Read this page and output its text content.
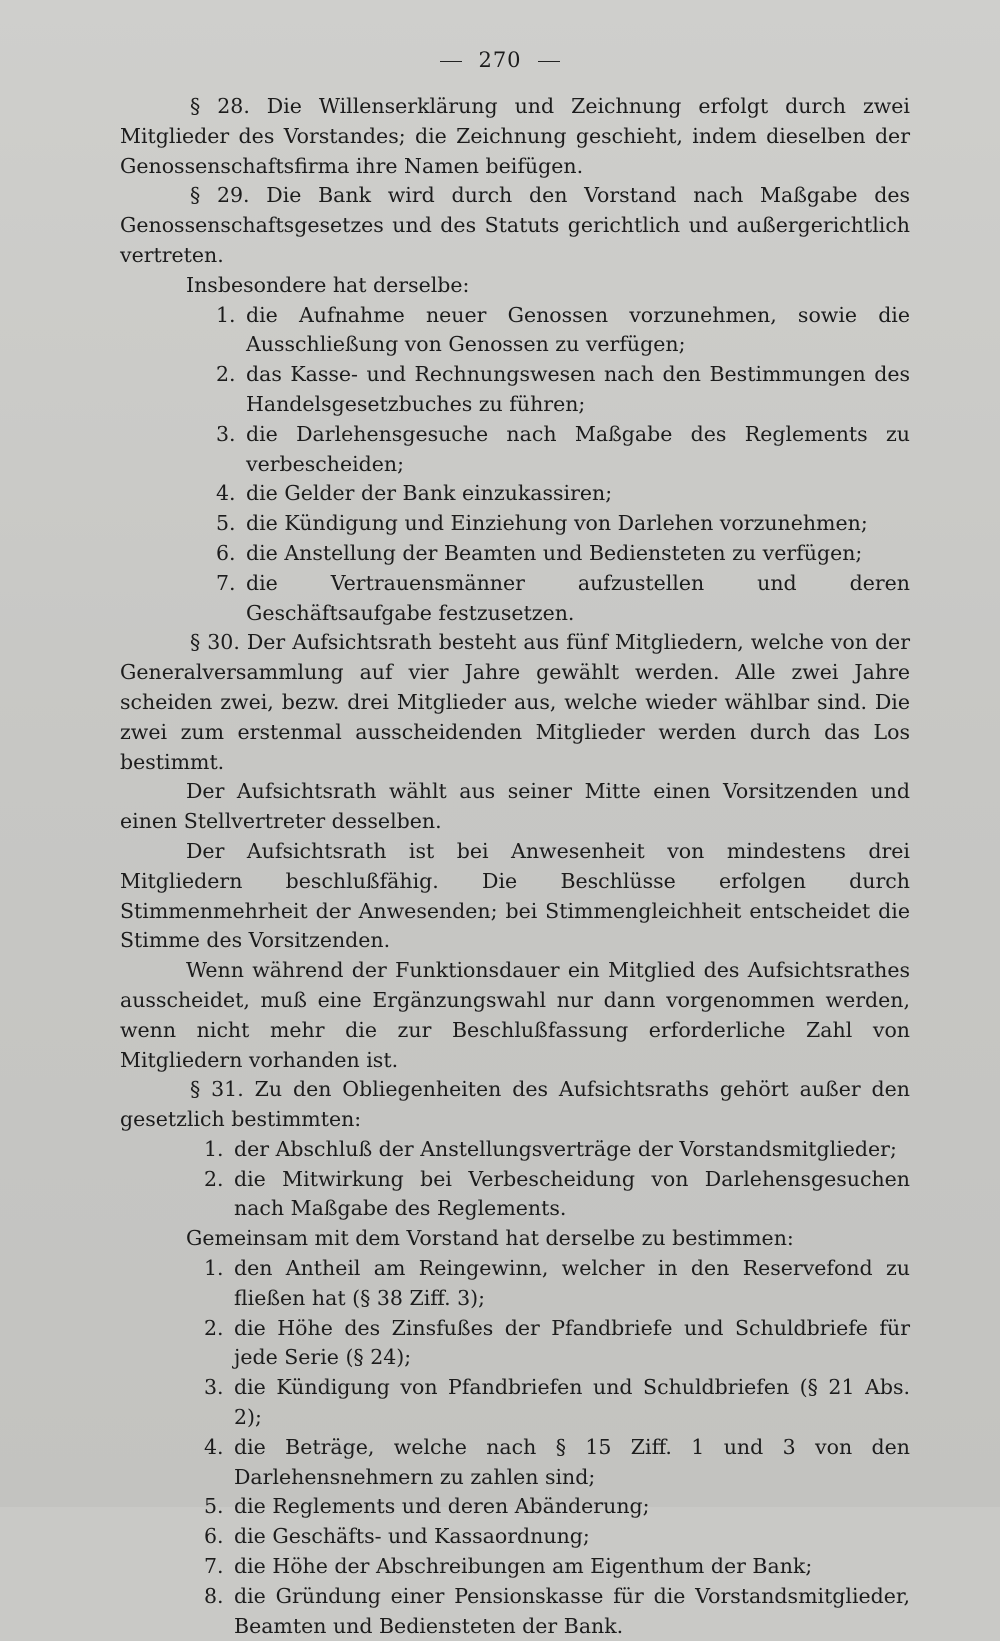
270

§ 28. Die Willenserklärung und Zeichnung erfolgt durch zwei Mitglieder des Vorstandes; die Zeichnung geschieht, indem dieselben der Genossenschaftsfirma ihre Namen beifügen.

§ 29. Die Bank wird durch den Vorstand nach Maßgabe des Genossenschaftsgesetzes und des Statuts gerichtlich und außergerichtlich vertreten.

Insbesondere hat derselbe:

1. die Aufnahme neuer Genossen vorzunehmen, sowie die Ausschließung von Genossen zu verfügen;
2. das Kasse- und Rechnungswesen nach den Bestimmungen des Handelsgesetzbuches zu führen;
3. die Darlehensgesuche nach Maßgabe des Reglements zu verbescheiden;
4. die Gelder der Bank einzukassiren;
5. die Kündigung und Einziehung von Darlehen vorzunehmen;
6. die Anstellung der Beamten und Bediensteten zu verfügen;
7. die Vertrauensmänner aufzustellen und deren Geschäftsaufgabe festzusetzen.

§ 30. Der Aufsichtsrath besteht aus fünf Mitgliedern, welche von der Generalversammlung auf vier Jahre gewählt werden. Alle zwei Jahre scheiden zwei, bezw. drei Mitglieder aus, welche wieder wählbar sind. Die zwei zum erstenmal ausscheidenden Mitglieder werden durch das Los bestimmt.

Der Aufsichtsrath wählt aus seiner Mitte einen Vorsitzenden und einen Stellvertreter desselben.

Der Aufsichtsrath ist bei Anwesenheit von mindestens drei Mitgliedern beschlußfähig. Die Beschlüsse erfolgen durch Stimmenmehrheit der Anwesenden; bei Stimmengleichheit entscheidet die Stimme des Vorsitzenden.

Wenn während der Funktionsdauer ein Mitglied des Aufsichtsrathes ausscheidet, muß eine Ergänzungswahl nur dann vorgenommen werden, wenn nicht mehr die zur Beschlußfassung erforderliche Zahl von Mitgliedern vorhanden ist.

§ 31. Zu den Obliegenheiten des Aufsichtsraths gehört außer den gesetzlich bestimmten:

1. der Abschluß der Anstellungsverträge der Vorstandsmitglieder;
2. die Mitwirkung bei Verbescheidung von Darlehensgesuchen nach Maßgabe des Reglements.

Gemeinsam mit dem Vorstand hat derselbe zu bestimmen:

1. den Antheil am Reingewinn, welcher in den Reservefond zu fließen hat (§ 38 Ziff. 3);
2. die Höhe des Zinsfußes der Pfandbriefe und Schuldbriefe für jede Serie (§ 24);
3. die Kündigung von Pfandbriefen und Schuldbriefen (§ 21 Abs. 2);
4. die Beträge, welche nach § 15 Ziff. 1 und 3 von den Darlehensnehmern zu zahlen sind;
5. die Reglements und deren Abänderung;
6. die Geschäfts- und Kassaordnung;
7. die Höhe der Abschreibungen am Eigenthum der Bank;
8. die Gründung einer Pensionskasse für die Vorstandsmitglieder, Beamten und Bediensteten der Bank.
